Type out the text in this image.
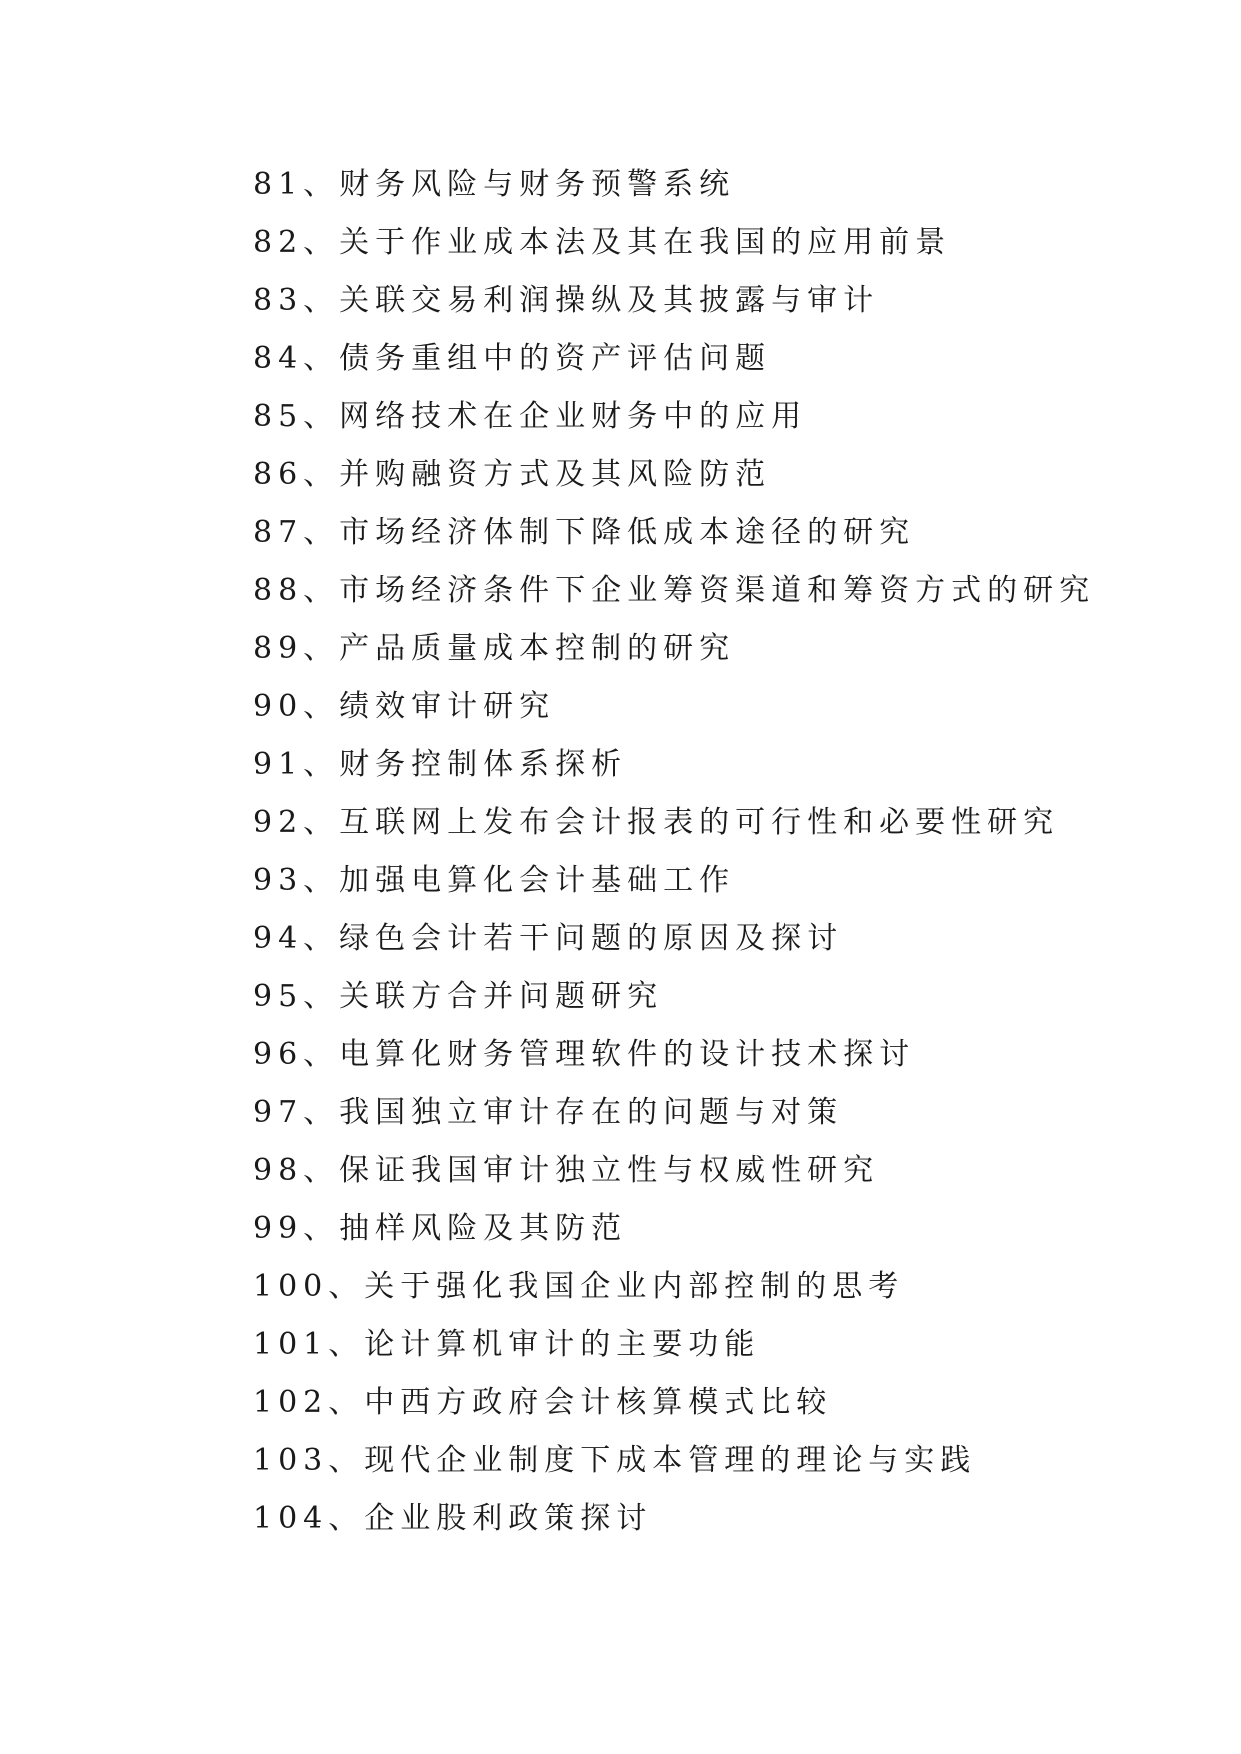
81、财务风险与财务预警系统
82、关于作业成本法及其在我国的应用前景
83、关联交易利润操纵及其披露与审计
84、债务重组中的资产评估问题
85、网络技术在企业财务中的应用
86、并购融资方式及其风险防范
87、市场经济体制下降低成本途径的研究
88、市场经济条件下企业筹资渠道和筹资方式的研究
89、产品质量成本控制的研究
90、绩效审计研究
91、财务控制体系探析
92、互联网上发布会计报表的可行性和必要性研究
93、加强电算化会计基础工作
94、绿色会计若干问题的原因及探讨
95、关联方合并问题研究
96、电算化财务管理软件的设计技术探讨
97、我国独立审计存在的问题与对策
98、保证我国审计独立性与权威性研究
99、抽样风险及其防范
100、关于强化我国企业内部控制的思考
101、论计算机审计的主要功能
102、中西方政府会计核算模式比较
103、现代企业制度下成本管理的理论与实践
104、企业股利政策探讨
